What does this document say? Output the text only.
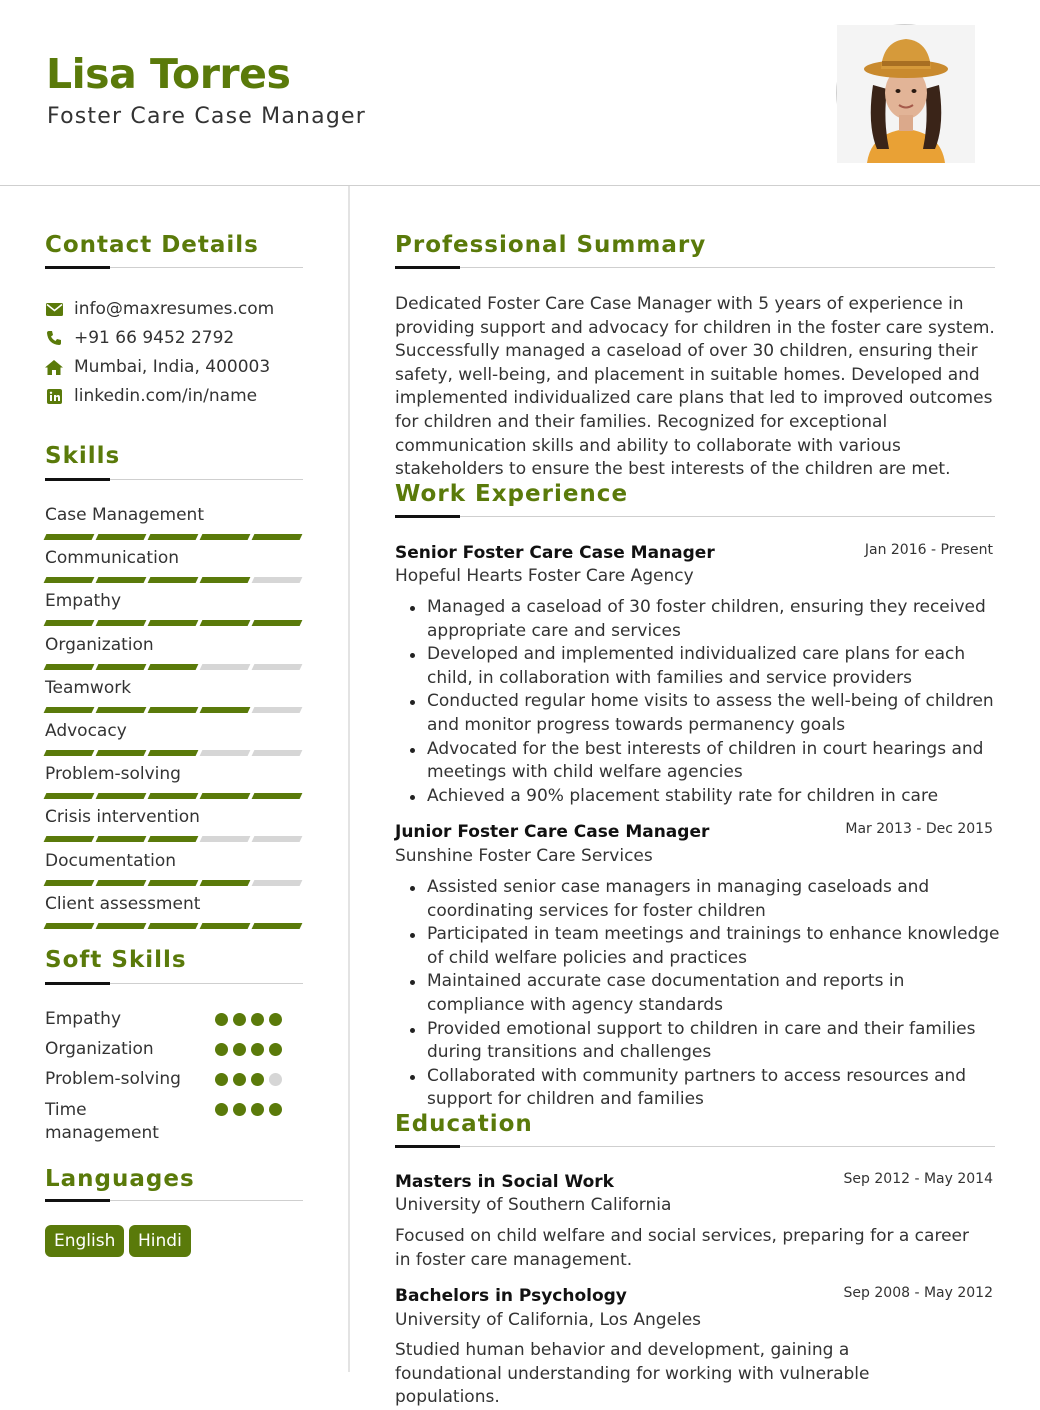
Lisa Torres
Foster Care Case Manager
Contact Details
info@maxresumes.com
+91 66 9452 2792
Mumbai, India, 400003
linkedin.com/in/name
Skills
Case Management
Communication
Empathy
Organization
Teamwork
Advocacy
Problem-solving
Crisis intervention
Documentation
Client assessment
Soft Skills
Empathy
Organization
Problem-solving
Time management
Languages
English	Hindi
Professional Summary
Dedicated Foster Care Case Manager with 5 years of experience in providing support and advocacy for children in the foster care system. Successfully managed a caseload of over 30 children, ensuring their safety, well-being, and placement in suitable homes. Developed and implemented individualized care plans that led to improved outcomes for children and their families. Recognized for exceptional communication skills and ability to collaborate with various stakeholders to ensure the best interests of the children are met.
Work Experience
Senior Foster Care Case Manager	Jan 2016 - Present
Hopeful Hearts Foster Care Agency
Managed a caseload of 30 foster children, ensuring they received appropriate care and services
Developed and implemented individualized care plans for each child, in collaboration with families and service providers
Conducted regular home visits to assess the well-being of children and monitor progress towards permanency goals
Advocated for the best interests of children in court hearings and meetings with child welfare agencies
Achieved a 90% placement stability rate for children in care
Junior Foster Care Case Manager	Mar 2013 - Dec 2015
Sunshine Foster Care Services
Assisted senior case managers in managing caseloads and coordinating services for foster children
Participated in team meetings and trainings to enhance knowledge of child welfare policies and practices
Maintained accurate case documentation and reports in compliance with agency standards
Provided emotional support to children in care and their families during transitions and challenges
Collaborated with community partners to access resources and support for children and families
Education
Masters in Social Work	Sep 2012 - May 2014
University of Southern California
Focused on child welfare and social services, preparing for a career in foster care management.
Bachelors in Psychology	Sep 2008 - May 2012
University of California, Los Angeles
Studied human behavior and development, gaining a foundational understanding for working with vulnerable populations.
